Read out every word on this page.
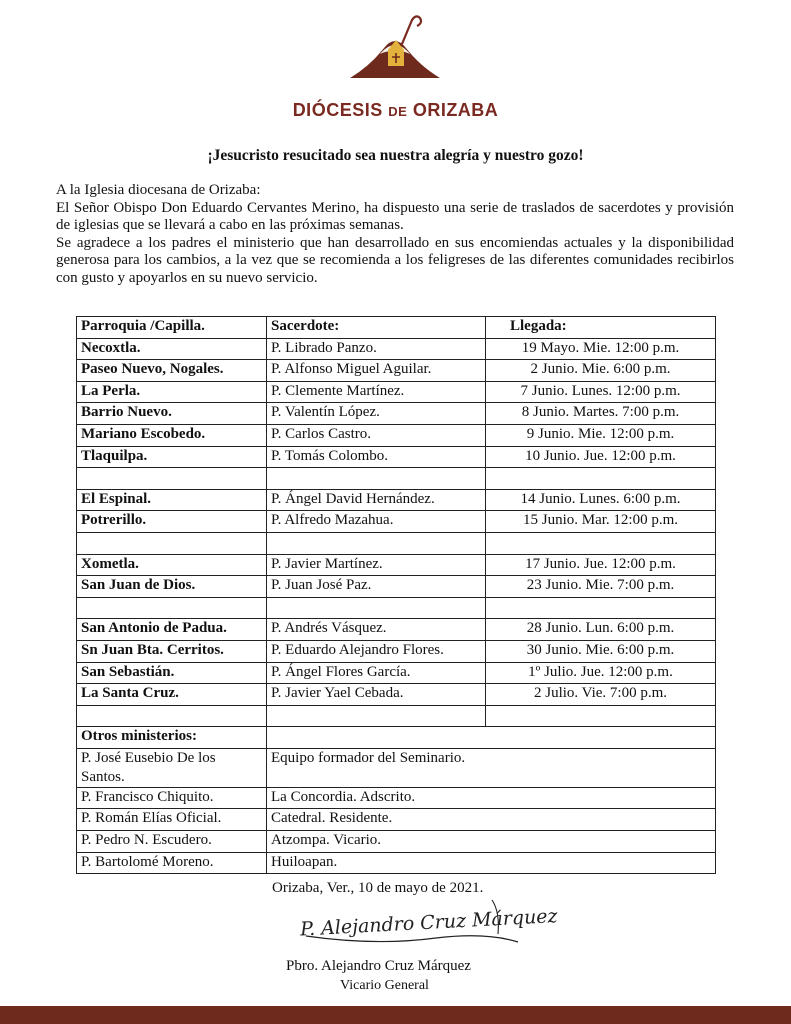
DIÓCESIS DE ORIZABA
¡Jesucristo resucitado sea nuestra alegría y nuestro gozo!

A la Iglesia diocesana de Orizaba:

El Señor Obispo Don Eduardo Cervantes Merino, ha dispuesto una serie de traslados de sacerdotes y provisión de iglesias que se llevará a cabo en las próximas semanas.

Se agradece a los padres el ministerio que han desarrollado en sus encomiendas actuales y la disponibilidad generosa para los cambios, a la vez que se recomienda a los feligreses de las diferentes comunidades recibirlos con gusto y apoyarlos en su nuevo servicio.

Parroquia /Capilla.	Sacerdote:	Llegada:
Necoxtla.	P. Librado Panzo.	19 Mayo. Mie. 12:00 p.m.
Paseo Nuevo, Nogales.	P. Alfonso Miguel Aguilar.	2 Junio. Mie. 6:00 p.m.
La Perla.	P. Clemente Martínez.	7 Junio. Lunes. 12:00 p.m.
Barrio Nuevo.	P. Valentín López.	8 Junio. Martes. 7:00 p.m.
Mariano Escobedo.	P. Carlos Castro.	9 Junio. Mie. 12:00 p.m.
Tlaquilpa.	P. Tomás Colombo.	10 Junio. Jue. 12:00 p.m.

El Espinal.	P. Ángel David Hernández.	14 Junio. Lunes. 6:00 p.m.
Potrerillo.	P. Alfredo Mazahua.	15 Junio. Mar. 12:00 p.m.

Xometla.	P. Javier Martínez.	17 Junio. Jue. 12:00 p.m.
San Juan de Dios.	P. Juan José Paz.	23 Junio. Mie. 7:00 p.m.

San Antonio de Padua.	P. Andrés Vásquez.	28 Junio. Lun. 6:00 p.m.
Sn Juan Bta. Cerritos.	P. Eduardo Alejandro Flores.	30 Junio. Mie. 6:00 p.m.
San Sebastián.	P. Ángel Flores García.	1º Julio. Jue. 12:00 p.m.
La Santa Cruz.	P. Javier Yael Cebada.	2 Julio. Vie. 7:00 p.m.

Otros ministerios:		
P. José Eusebio De los Santos.	Equipo formador del Seminario.	
P. Francisco Chiquito.	La Concordia. Adscrito.	
P. Román Elías Oficial.	Catedral. Residente.	
P. Pedro N. Escudero.	Atzompa. Vicario.	
P. Bartolomé Moreno.	Huiloapan.	
Orizaba, Ver., 10 de mayo de 2021.
P. Alejandro Cruz Márquez
Pbro. Alejandro Cruz Márquez
Vicario General
